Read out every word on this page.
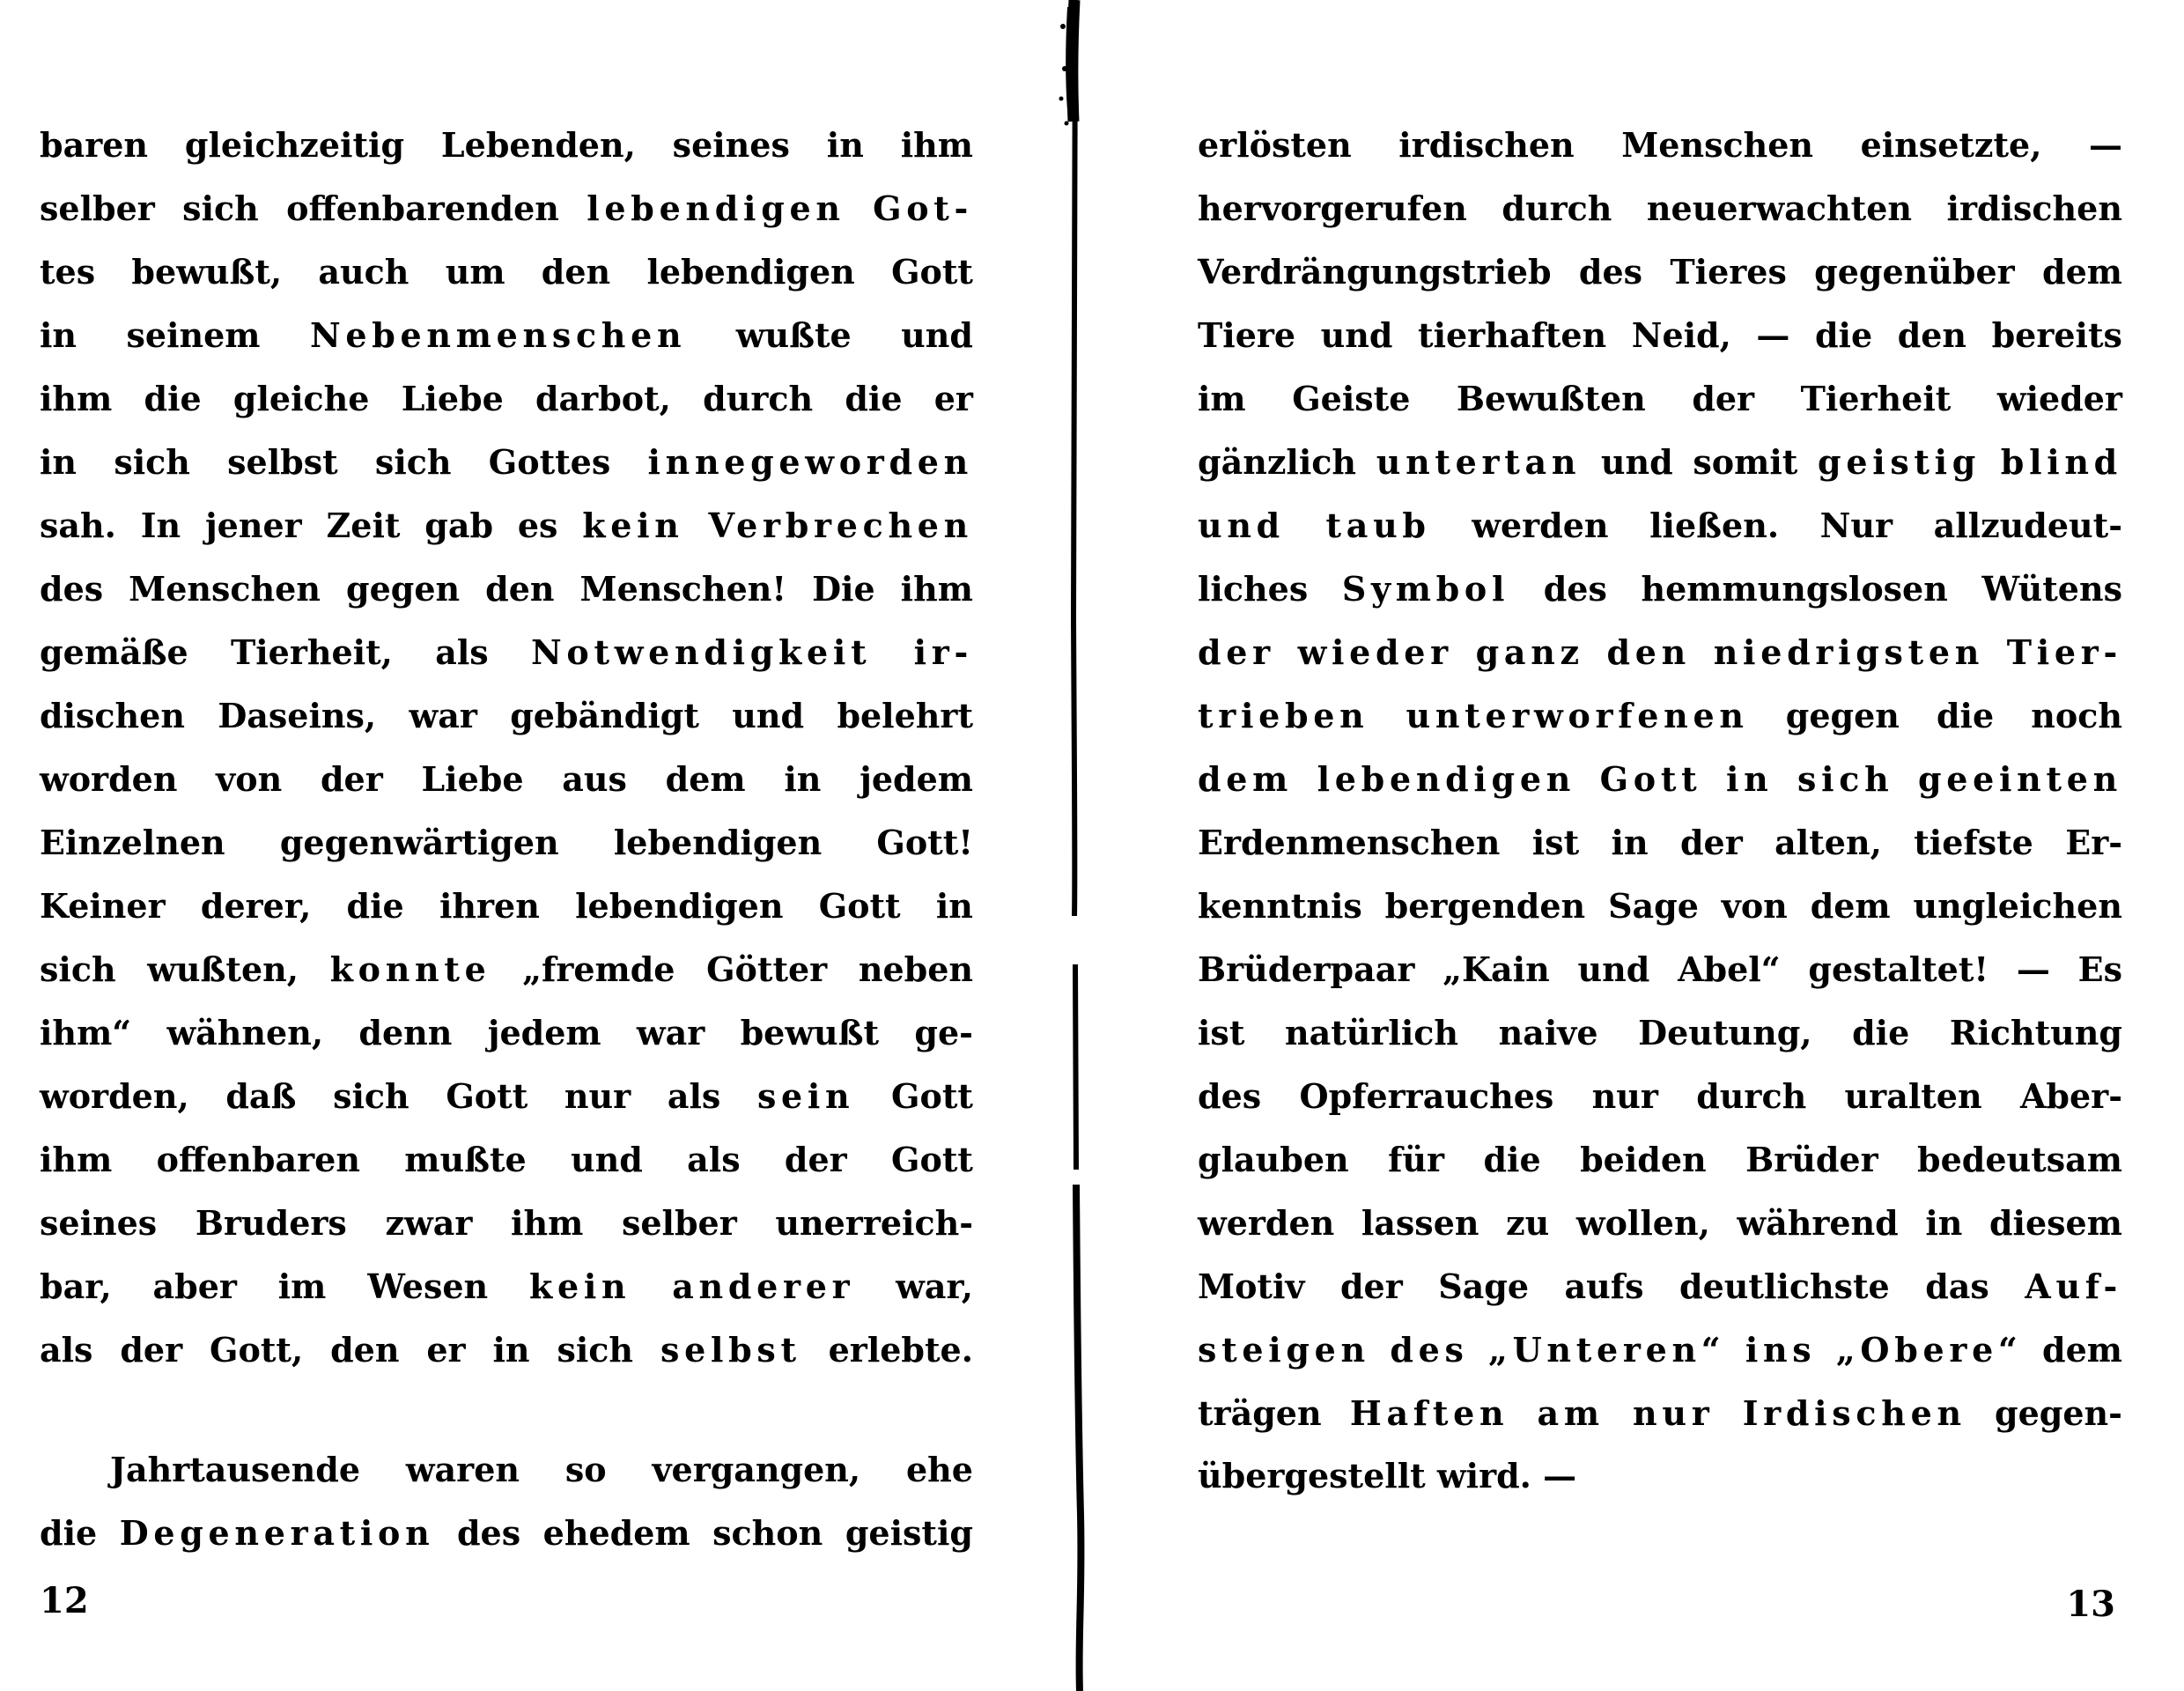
baren gleichzeitig Lebenden, seines in ihm
selber sich offenbarenden lebendigen Got-
tes bewußt, auch um den lebendigen Gott
in seinem Nebenmenschen wußte und
ihm die gleiche Liebe darbot, durch die er
in sich selbst sich Gottes innegeworden
sah. In jener Zeit gab es kein Verbrechen
des Menschen gegen den Menschen! Die ihm
gemäße Tierheit, als Notwendigkeit ir-
dischen Daseins, war gebändigt und belehrt
worden von der Liebe aus dem in jedem
Einzelnen gegenwärtigen lebendigen Gott!
Keiner derer, die ihren lebendigen Gott in
sich wußten, konnte „fremde Götter neben
ihm“ wähnen, denn jedem war bewußt ge-
worden, daß sich Gott nur als sein Gott
ihm offenbaren mußte und als der Gott
seines Bruders zwar ihm selber unerreich-
bar, aber im Wesen kein anderer war,
als der Gott, den er in sich selbst erlebte.
Jahrtausende waren so vergangen, ehe
die Degeneration des ehedem schon geistig
12
erlösten irdischen Menschen einsetzte, —
hervorgerufen durch neuerwachten irdischen
Verdrängungstrieb des Tieres gegenüber dem
Tiere und tierhaften Neid, — die den bereits
im Geiste Bewußten der Tierheit wieder
gänzlich untertan und somit geistig blind
und taub werden ließen. Nur allzudeut-
liches Symbol des hemmungslosen Wütens
der wieder ganz den niedrigsten Tier-
trieben unterworfenen gegen die noch
dem lebendigen Gott in sich geeinten
Erdenmenschen ist in der alten, tiefste Er-
kenntnis bergenden Sage von dem ungleichen
Brüderpaar „Kain und Abel“ gestaltet! — Es
ist natürlich naive Deutung, die Richtung
des Opferrauches nur durch uralten Aber-
glauben für die beiden Brüder bedeutsam
werden lassen zu wollen, während in diesem
Motiv der Sage aufs deutlichste das Auf-
steigen des „Unteren“ ins „Obere“ dem
trägen Haften am nur Irdischen gegen-
übergestellt wird. —
13
